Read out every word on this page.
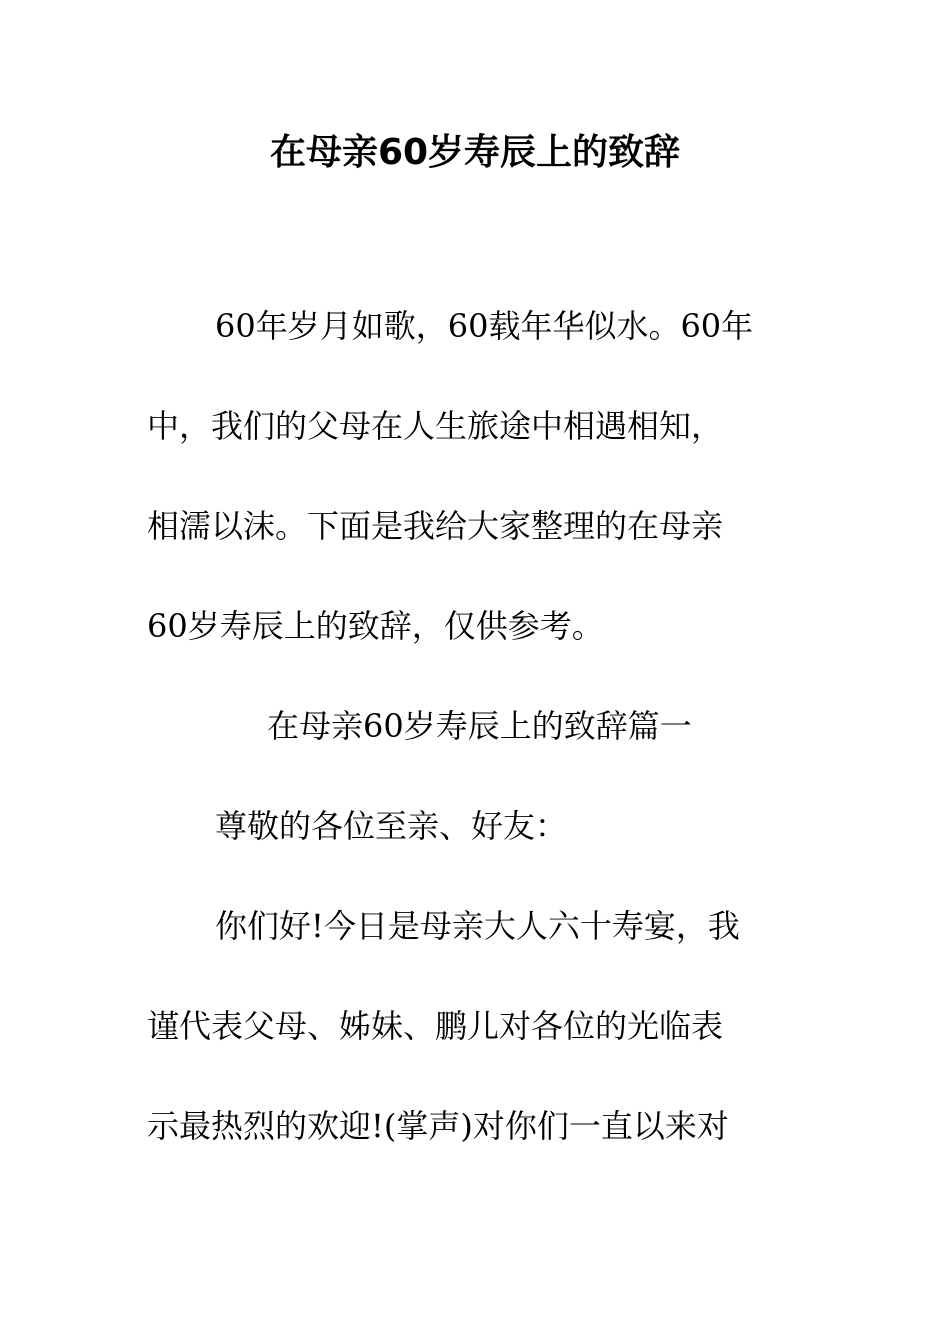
在母亲60岁寿辰上的致辞

60年岁月如歌，60载年华似水。60年

中，我们的父母在人生旅途中相遇相知，

相濡以沫。下面是我给大家整理的在母亲

60岁寿辰上的致辞，仅供参考。

在母亲60岁寿辰上的致辞篇一

尊敬的各位至亲、好友：

你们好!今日是母亲大人六十寿宴，我

谨代表父母、姊妹、鹏儿对各位的光临表

示最热烈的欢迎!(掌声)对你们一直以来对
